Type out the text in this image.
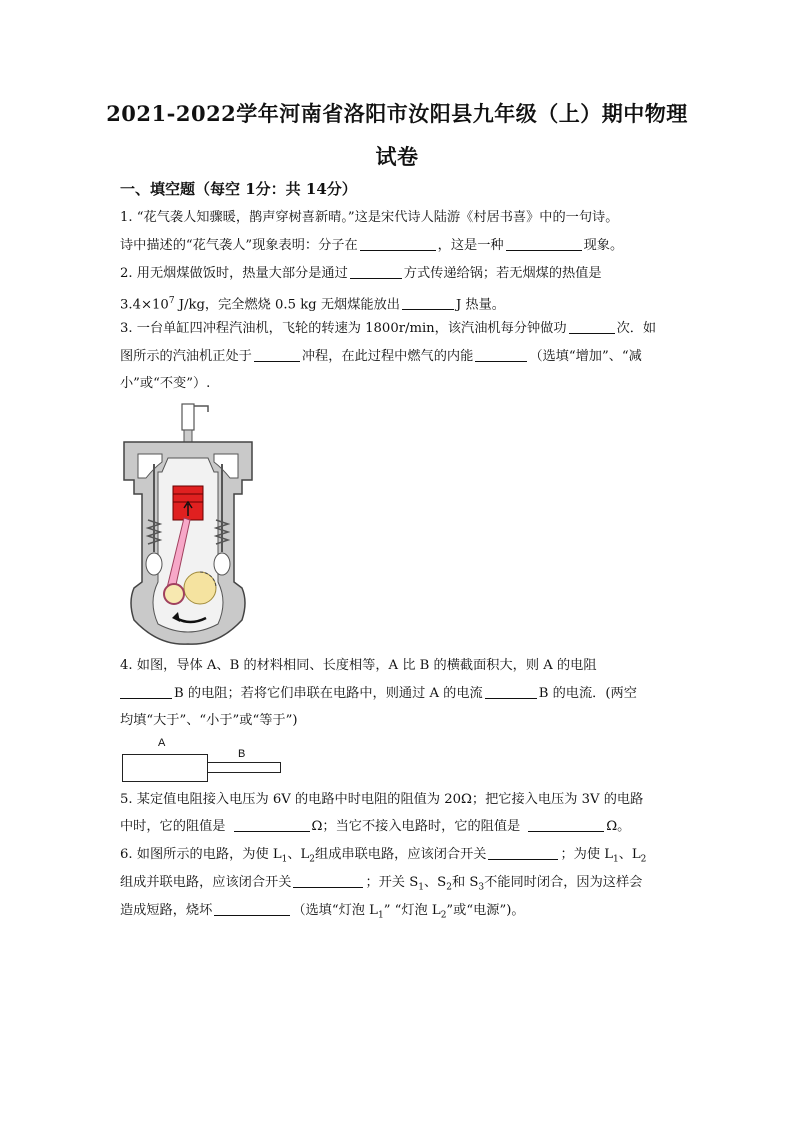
2021-2022学年河南省洛阳市汝阳县九年级（上）期中物理
试卷
一、填空题（每空 1分：共 14分）
1. “花气袭人知骤暖，鹊声穿树喜新晴。”这是宋代诗人陆游《村居书喜》中的一句诗。
诗中描述的“花气袭人”现象表明：分子在	，这是一种	现象。
2. 用无烟煤做饭时，热量大部分是通过	方式传递给锅；若无烟煤的热值是
$3.4\times 10^7$ J/kg，完全燃烧 0.5 kg 无烟煤能放出	J 热量。
3. 一台单缸四冲程汽油机，飞轮的转速为 1800r/min，该汽油机每分钟做功	次．如
图所示的汽油机正处于	冲程，在此过程中燃气的内能	（选填“增加”、“减
小”或“不变”）.
4. 如图，导体 A、B 的材料相同、长度相等，A 比 B 的横截面积大，则 A 的电阻
B 的电阻；若将它们串联在电路中，则通过 A 的电流	B 的电流．(两空
均填“大于”、“小于”或“等于”)
A
B
5. 某定值电阻接入电压为 6V 的电路中时电阻的阻值为 20Ω；把它接入电压为 3V 的电路
中时，它的阻值是	Ω；当它不接入电路时，它的阻值是	Ω。
6. 如图所示的电路，为使 $L_1$、$L_2$组成串联电路，应该闭合开关	；为使 $L_1$、$L_2$
组成并联电路，应该闭合开关	；开关 $S_1$、$S_2$和 $S_3$不能同时闭合，因为这样会
造成短路，烧坏	（选填“灯泡 $L_1$” “灯泡 $L_2$”或“电源”)。
